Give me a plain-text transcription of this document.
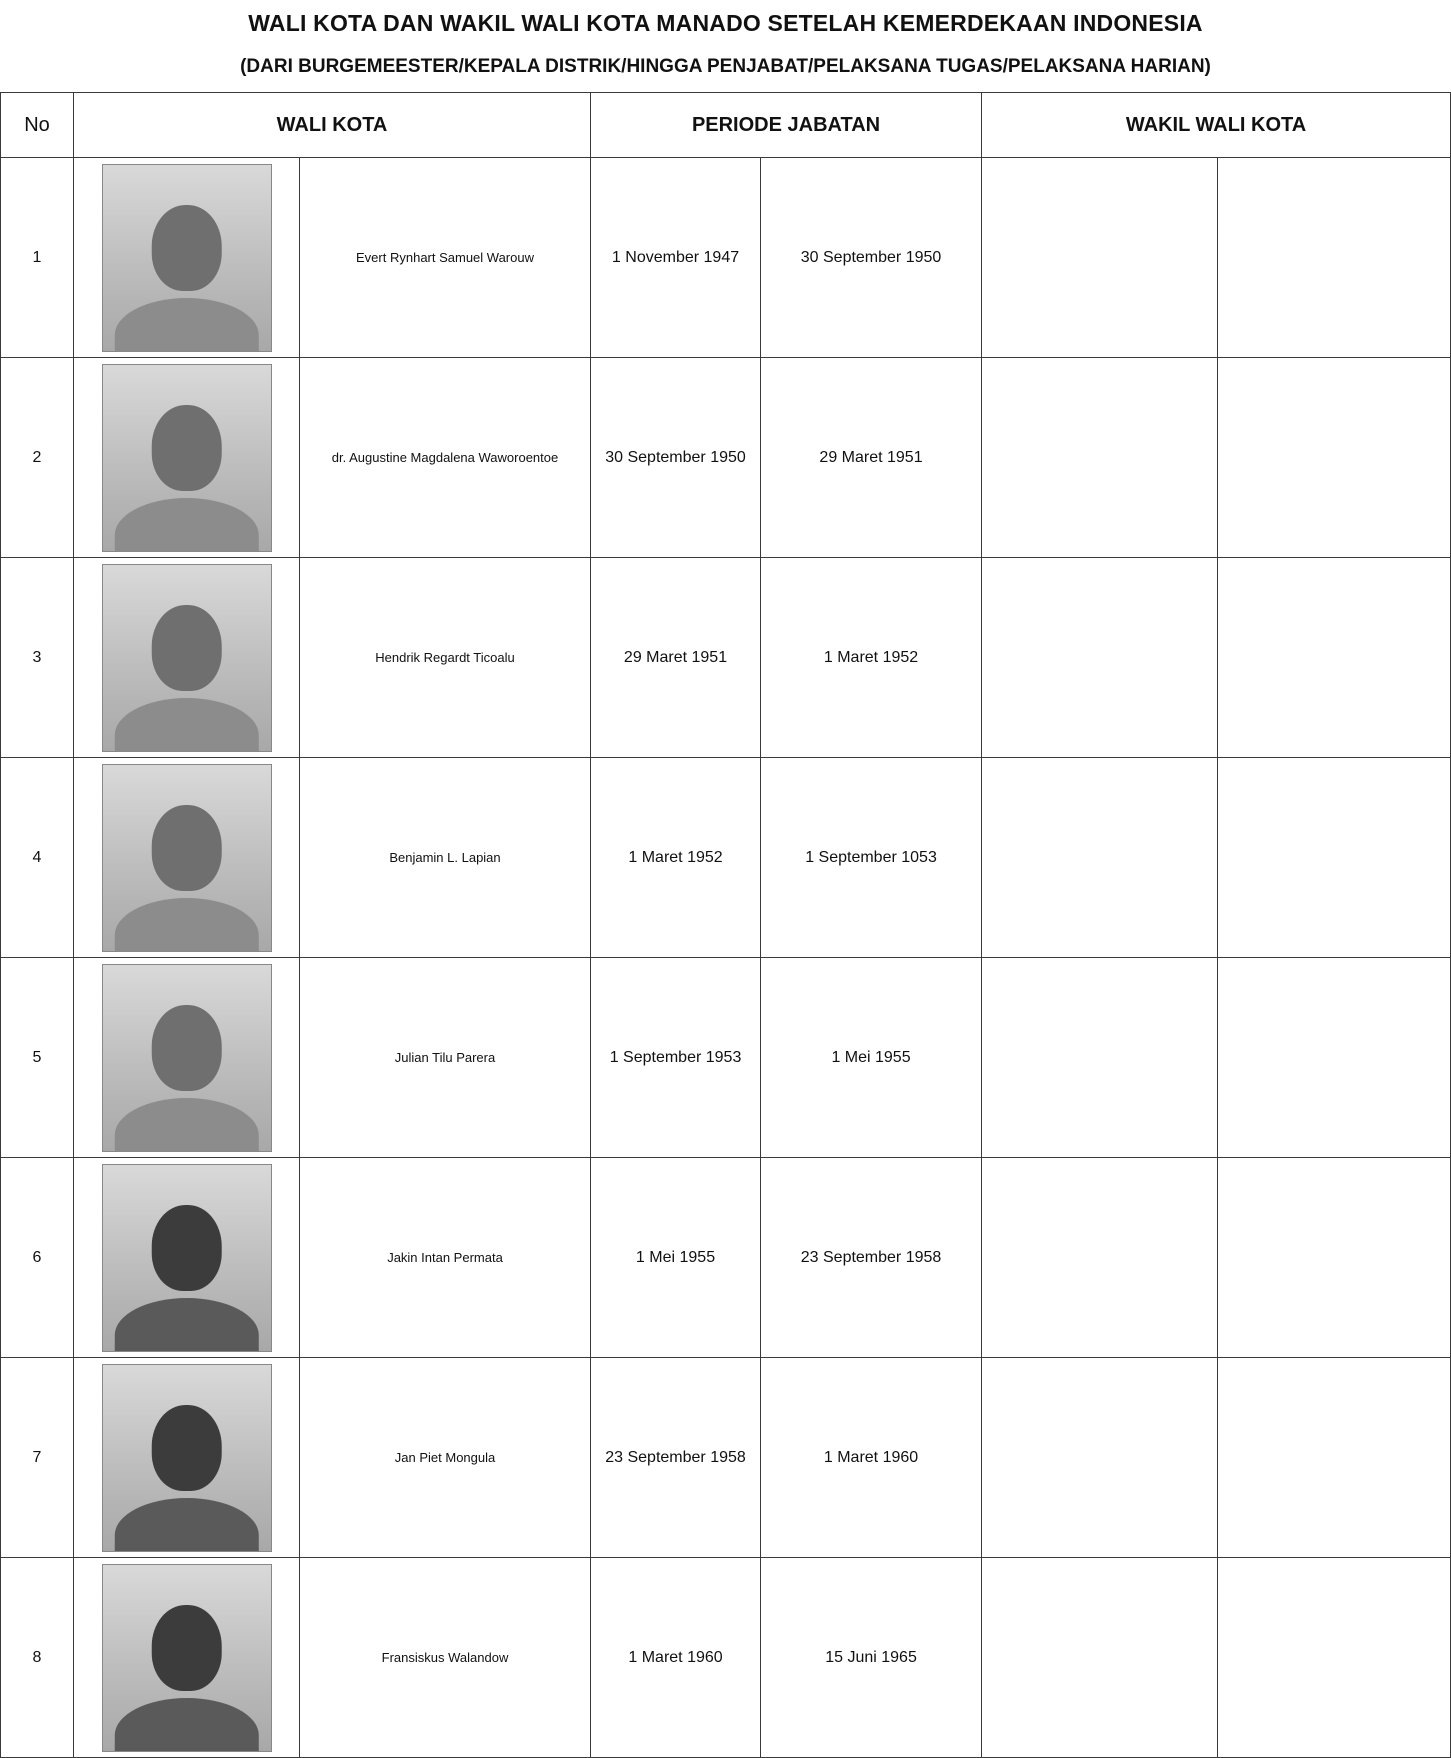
WALI KOTA DAN WAKIL WALI KOTA MANADO SETELAH KEMERDEKAAN INDONESIA
(DARI BURGEMEESTER/KEPALA DISTRIK/HINGGA PENJABAT/PELAKSANA TUGAS/PELAKSANA HARIAN)
No	WALI KOTA		PERIODE JABATAN		WAKIL WALI KOTA	
1		Evert Rynhart Samuel Warouw	1 November 1947	30 September 1950		
2		dr. Augustine Magdalena Waworoentoe	30 September 1950	29 Maret 1951		
3		Hendrik Regardt Ticoalu	29 Maret 1951	1 Maret 1952		
4		Benjamin L. Lapian	1 Maret 1952	1 September 1053		
5		Julian Tilu Parera	1 September 1953	1 Mei 1955		
6		Jakin Intan Permata	1 Mei 1955	23 September 1958		
7		Jan Piet Mongula	23 September 1958	1 Maret 1960		
8		Fransiskus Walandow	1 Maret 1960	15 Juni 1965		
